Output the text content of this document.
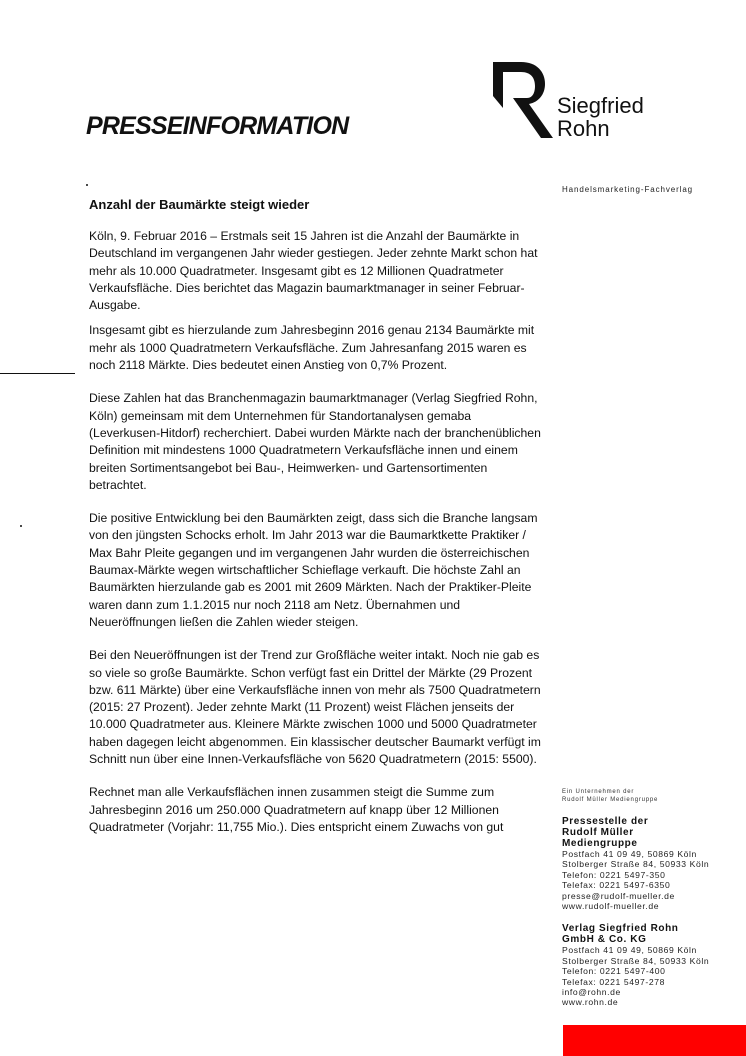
PRESSEINFORMATION
Siegfried
Rohn
Handelsmarketing-Fachverlag
Anzahl der Baumärkte steigt wieder

Köln, 9. Februar 2016 – Erstmals seit 15 Jahren ist die Anzahl der Baumärkte in Deutschland im vergangenen Jahr wieder gestiegen. Jeder zehnte Markt schon hat mehr als 10.000 Quadratmeter. Insgesamt gibt es 12 Millionen Quadratmeter Verkaufsfläche. Dies berichtet das Magazin baumarktmanager in seiner Februar-Ausgabe.

Insgesamt gibt es hierzulande zum Jahresbeginn 2016 genau 2134 Baumärkte mit mehr als 1000 Quadratmetern Verkaufsfläche. Zum Jahresanfang 2015 waren es noch 2118 Märkte. Dies bedeutet einen Anstieg von 0,7% Prozent.

Diese Zahlen hat das Branchenmagazin baumarktmanager (Verlag Siegfried Rohn, Köln) gemeinsam mit dem Unternehmen für Standortanalysen gemaba (Leverkusen-Hitdorf) recherchiert. Dabei wurden Märkte nach der branchenüblichen Definition mit mindestens 1000 Quadratmetern Verkaufsfläche innen und einem breiten Sortimentsangebot bei Bau-, Heimwerken- und Gartensortimenten betrachtet.

Die positive Entwicklung bei den Baumärkten zeigt, dass sich die Branche langsam von den jüngsten Schocks erholt. Im Jahr 2013 war die Baumarktkette Praktiker / Max Bahr Pleite gegangen und im vergangenen Jahr wurden die österreichischen Baumax-Märkte wegen wirtschaftlicher Schieflage verkauft. Die höchste Zahl an Baumärkten hierzulande gab es 2001 mit 2609 Märkten. Nach der Praktiker-Pleite waren dann zum 1.1.2015 nur noch 2118 am Netz. Übernahmen und Neueröffnungen ließen die Zahlen wieder steigen.

Bei den Neueröffnungen ist der Trend zur Großfläche weiter intakt. Noch nie gab es so viele so große Baumärkte. Schon verfügt fast ein Drittel der Märkte (29 Prozent bzw. 611 Märkte) über eine Verkaufsfläche innen von mehr als 7500 Quadratmetern (2015: 27 Prozent). Jeder zehnte Markt (11 Prozent) weist Flächen jenseits der 10.000 Quadratmeter aus. Kleinere Märkte zwischen 1000 und 5000 Quadratmeter haben dagegen leicht abgenommen. Ein klassischer deutscher Baumarkt verfügt im Schnitt nun über eine Innen-Verkaufsfläche von 5620 Quadratmetern (2015: 5500).

Rechnet man alle Verkaufsflächen innen zusammen steigt die Summe zum Jahresbeginn 2016 um 250.000 Quadratmetern auf knapp über 12 Millionen Quadratmeter (Vorjahr: 11,755 Mio.). Dies entspricht einem Zuwachs von gut

Ein Unternehmen der
Rudolf Müller Mediengruppe
Pressestelle der
Rudolf Müller
Mediengruppe
Postfach 41 09 49, 50869 Köln
Stolberger Straße 84, 50933 Köln
Telefon: 0221 5497-350
Telefax: 0221 5497-6350
presse@rudolf-mueller.de
www.rudolf-mueller.de
Verlag Siegfried Rohn
GmbH & Co. KG
Postfach 41 09 49, 50869 Köln
Stolberger Straße 84, 50933 Köln
Telefon: 0221 5497-400
Telefax: 0221 5497-278
info@rohn.de
www.rohn.de
